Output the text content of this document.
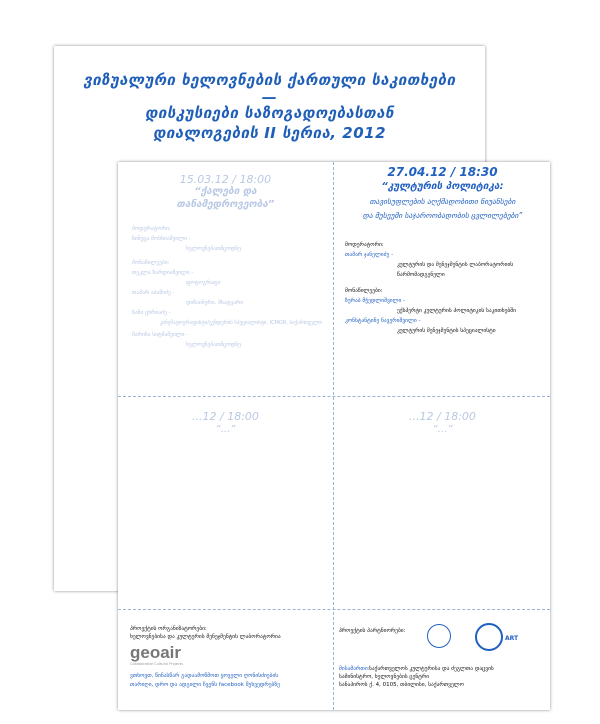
ვიზუალური ხელოვნების ქართული საკითხები
—
დისკუსიები საზოგადოებასთან
დიალოგების II სერია, 2012
15.03.12 / 18:00
“ქალები და
თანამედროვეობა”
მოდერატორი:
ნინუცა მოსხიაშვილი -
ხელოვნებათმცოდნე
მონაწილეები:
თეკლა ზარდიაშვილი -
ფოტოგრაფი
თამარ აბაშიძე -
დიზაინერი, მხატვარი
ნანი ცხრიაძე -
კინემატოგრაფისტი/გენდერის სპეციალისტი, ICMOR, საქართველო
მარინა სიტმაშვილი -
ხელოვნებათმცოდნე
27.04.12 / 18:30
“კულტურის პოლიტიკა:
თავისუფლების აღქმადობითი ნიუანსები
და მუსეუმი საჯაროობადობის ცვლილებები”
მოდერატორი:
თამარ ჯანელიძე -
კულტურის და მენეჯმენტის ლაბორატორიის
წარმომადგენელი
მონაწილეები:
ზურაბ მჭედლიშვილი -
ექსპერტი კულტურის პოლიტიკის საკითხებში
კონსტანტინე ნავერიშვილი -
კულტურის მენეჯმენტის სპეციალისტი
...12 / 18:00
“...”
...12 / 18:00
“...”
პროექტის ორგანიზატორები:
ხელოვნებისა და კულტურის მენეჯმენტის ლაბორატორია
geoair
Collaborative Cultural Projects
ვთხოვთ, წინასწარ გადაამოწმოთ ყოველი ღონისძიების
თარიღი, დრო და ადგილი ჩვენს facebook შეხვედრებზე
პროექტის პარტნიორები:
ART
მისამართი: საქართველოს კულტურისა და ძეგლთა დაცვის
სამინისტრო, ხელოვნების ცენტრი
სანაპიროს ქ. 4, 0105, თბილისი, საქართველო
